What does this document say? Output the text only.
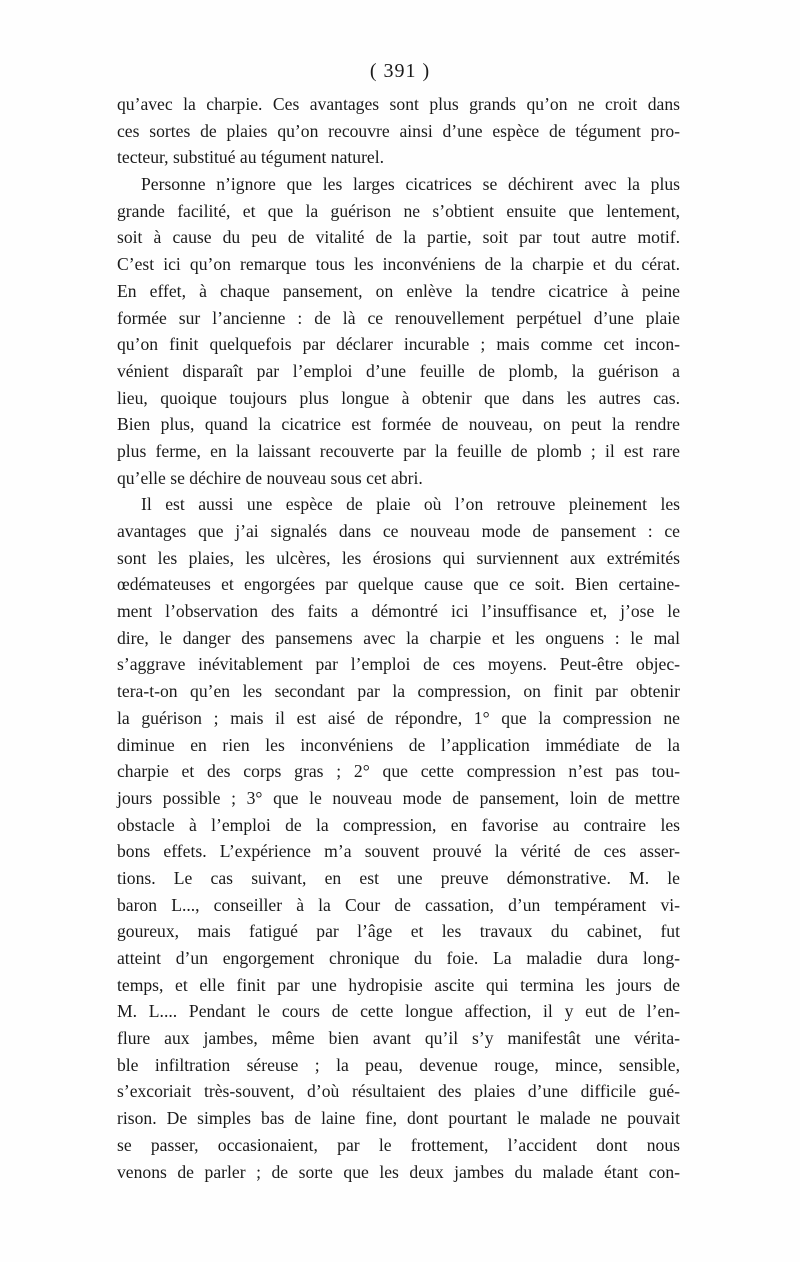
( 391 )
qu’avec la charpie. Ces avantages sont plus grands qu’on ne croit dans
ces sortes de plaies qu’on recouvre ainsi d’une espèce de tégument pro-
tecteur, substitué au tégument naturel.
Personne n’ignore que les larges cicatrices se déchirent avec la plus
grande facilité, et que la guérison ne s’obtient ensuite que lentement,
soit à cause du peu de vitalité de la partie, soit par tout autre motif.
C’est ici qu’on remarque tous les inconvéniens de la charpie et du cérat.
En effet, à chaque pansement, on enlève la tendre cicatrice à peine
formée sur l’ancienne : de là ce renouvellement perpétuel d’une plaie
qu’on finit quelquefois par déclarer incurable ; mais comme cet incon-
vénient disparaît par l’emploi d’une feuille de plomb, la guérison a
lieu, quoique toujours plus longue à obtenir que dans les autres cas.
Bien plus, quand la cicatrice est formée de nouveau, on peut la rendre
plus ferme, en la laissant recouverte par la feuille de plomb ; il est rare
qu’elle se déchire de nouveau sous cet abri.
Il est aussi une espèce de plaie où l’on retrouve pleinement les
avantages que j’ai signalés dans ce nouveau mode de pansement : ce
sont les plaies, les ulcères, les érosions qui surviennent aux extrémités
œdémateuses et engorgées par quelque cause que ce soit. Bien certaine-
ment l’observation des faits a démontré ici l’insuffisance et, j’ose le
dire, le danger des pansemens avec la charpie et les onguens : le mal
s’aggrave inévitablement par l’emploi de ces moyens. Peut-être objec-
tera-t-on qu’en les secondant par la compression, on finit par obtenir
la guérison ; mais il est aisé de répondre, 1° que la compression ne
diminue en rien les inconvéniens de l’application immédiate de la
charpie et des corps gras ; 2° que cette compression n’est pas tou-
jours possible ; 3° que le nouveau mode de pansement, loin de mettre
obstacle à l’emploi de la compression, en favorise au contraire les
bons effets. L’expérience m’a souvent prouvé la vérité de ces asser-
tions. Le cas suivant, en est une preuve démonstrative. M. le
baron L..., conseiller à la Cour de cassation, d’un tempérament vi-
goureux, mais fatigué par l’âge et les travaux du cabinet, fut
atteint d’un engorgement chronique du foie. La maladie dura long-
temps, et elle finit par une hydropisie ascite qui termina les jours de
M. L.... Pendant le cours de cette longue affection, il y eut de l’en-
flure aux jambes, même bien avant qu’il s’y manifestât une vérita-
ble infiltration séreuse ; la peau, devenue rouge, mince, sensible,
s’excoriait très-souvent, d’où résultaient des plaies d’une difficile gué-
rison. De simples bas de laine fine, dont pourtant le malade ne pouvait
se passer, occasionaient, par le frottement, l’accident dont nous
venons de parler ; de sorte que les deux jambes du malade étant con-
